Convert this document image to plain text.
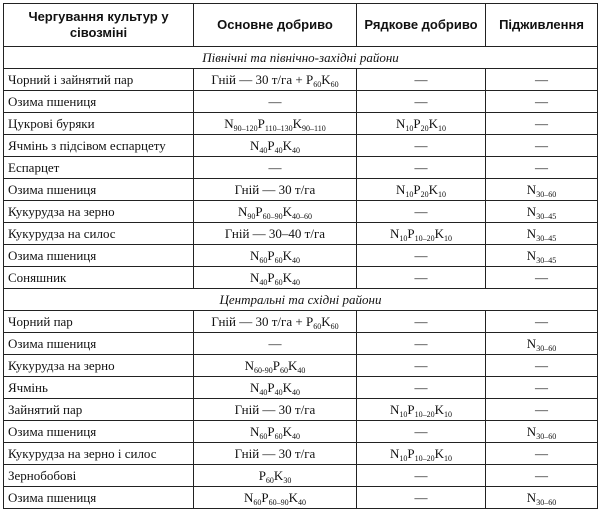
Чергування культур у сівозміні	Основне добриво	Рядкове добриво	Підживлення
Північні та північно-західні райони			
Чорний і зайнятий пар	Гній — 30 $т/га + P_{60}K_{60}$	—	—
Озима пшениця	—	—	—
Цукрові буряки	$N_{90-120}P_{110-130}K_{90-110}$	$N_{10}P_{20}K_{10}$	—
Ячмінь з підсівом еспарцету	$N_{40}P_{40}K_{40}$	—	—
Еспарцет	—	—	—
Озима пшениця	Гній — 30 т/га	$N_{10}P_{20}K_{10}$	$N_{30-60}$
Кукурудза на зерно	$N_{90}P_{60-90}K_{40-60}$	—	$N_{30-45}$
Кукурудза на силос	Гній — 30–40 т/га	$N_{10}P_{10-20}K_{10}$	$N_{30-45}$
Озима пшениця	$N_{60}P_{60}K_{40}$	—	$N_{30-45}$
Соняшник	$N_{40}P_{60}K_{40}$	—	—
Центральні та східні райони			
Чорний пар	Гній — 30 $т/га + P_{60}K_{60}$	—	—
Озима пшениця	—	—	$N_{30-60}$
Кукурудза на зерно	$N_{60-90}P_{60}K_{40}$	—	—
Ячмінь	$N_{40}P_{40}K_{40}$	—	—
Зайнятий пар	Гній — 30 т/га	$N_{10}P_{10-20}K_{10}$	—
Озима пшениця	$N_{60}P_{60}K_{40}$	—	$N_{30-60}$
Кукурудза на зерно і силос	Гній — 30 т/га	$N_{10}P_{10-20}K_{10}$	—
Зернобобові	$P_{60}K_{30}$	—	—
Озима пшениця	$N_{60}P_{60-90}K_{40}$	—	$N_{30-60}$
